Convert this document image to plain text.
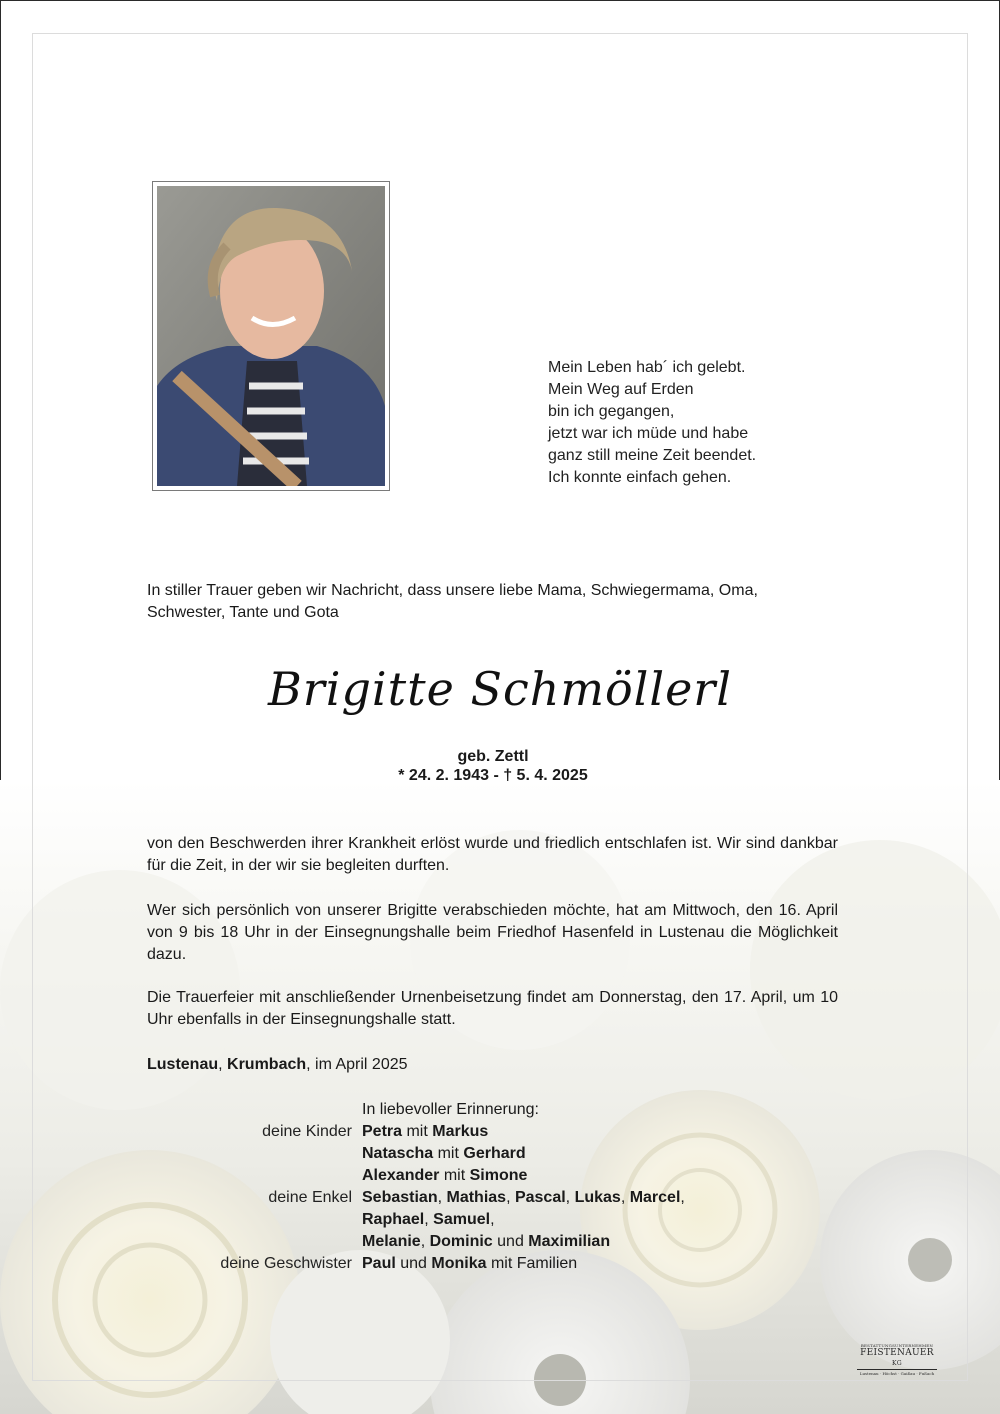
Mein Leben hab´ ich gelebt.
Mein Weg auf Erden
bin ich gegangen,
jetzt war ich müde und habe
ganz still meine Zeit beendet.
Ich konnte einfach gehen.
In stiller Trauer geben wir Nachricht, dass unsere liebe Mama, Schwiegermama, Oma, Schwester, Tante und Gota
Brigitte Schmöllerl
geb. Zettl
* 24. 2. 1943 - † 5. 4. 2025
von den Beschwerden ihrer Krankheit erlöst wurde und friedlich entschlafen ist. Wir sind dankbar für die Zeit, in der wir sie begleiten durften.
Wer sich persönlich von unserer Brigitte verabschieden möchte, hat am Mittwoch, den 16. April von 9 bis 18 Uhr in der Einsegnungshalle beim Friedhof Hasenfeld in Lustenau die Möglichkeit dazu.
Die Trauerfeier mit anschließender Urnenbeisetzung findet am Donnerstag, den 17. April, um 10 Uhr ebenfalls in der Einsegnungshalle statt.
Lustenau, Krumbach, im April 2025
In liebevoller Erinnerung:
deine Kinder Petra mit Markus
Natascha mit Gerhard
Alexander mit Simone
deine Enkel Sebastian, Mathias, Pascal, Lukas, Marcel,
Raphael, Samuel,
Melanie, Dominic und Maximilian
deine Geschwister Paul und Monika mit Familien
BESTATTUNGSUNTERNEHMEN
FEISTENAUER KG
Lustenau · Höchst · Gaißau · Fußach
